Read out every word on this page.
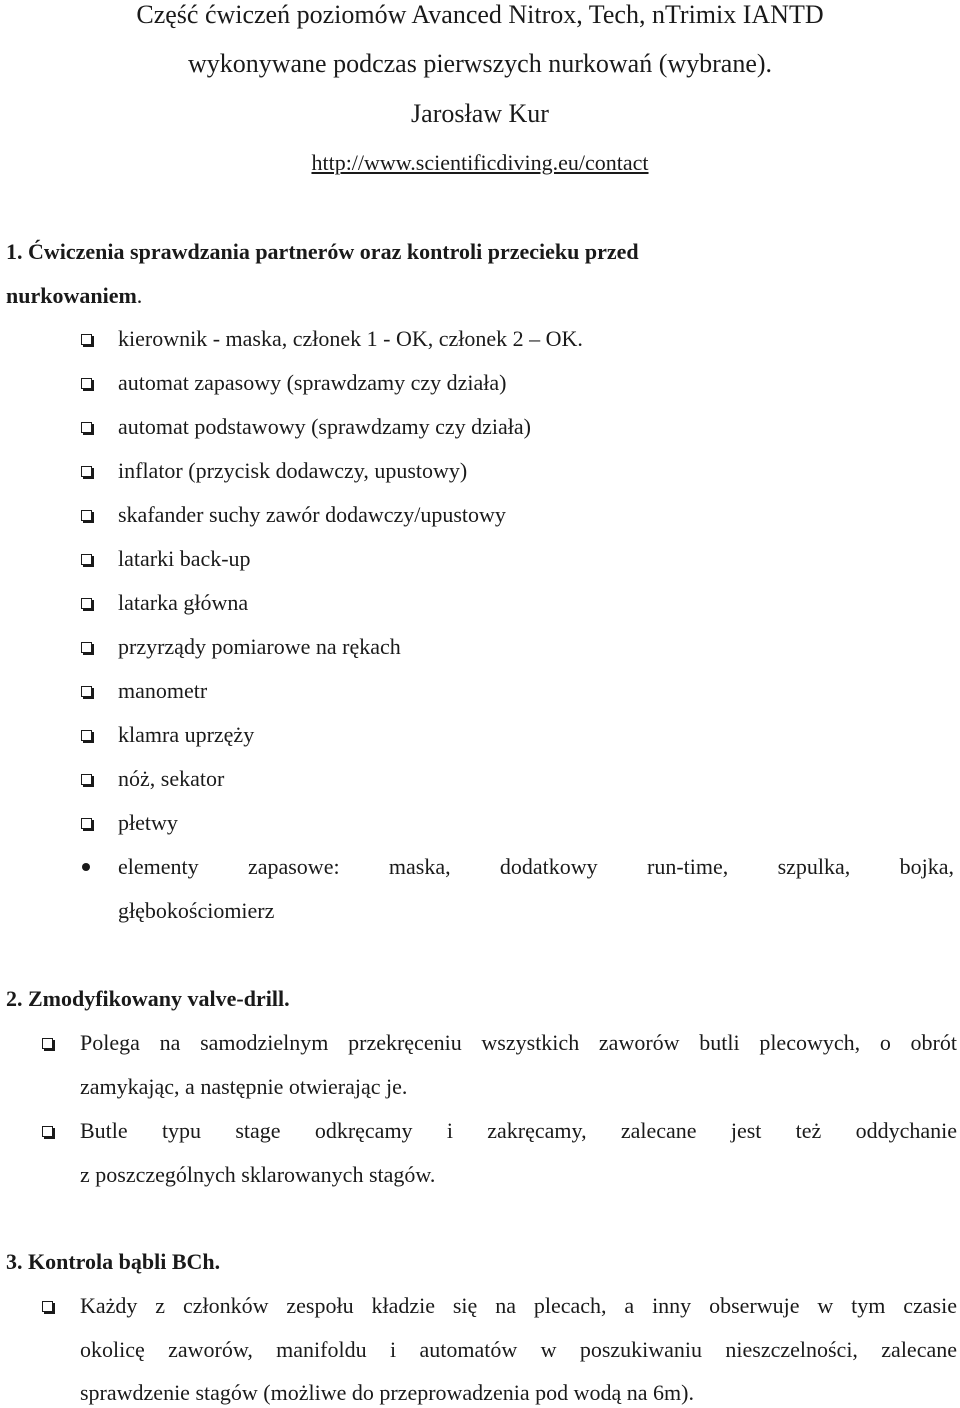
Część ćwiczeń poziomów Avanced Nitrox, Tech, nTrimix IANTD
wykonywane podczas pierwszych nurkowań (wybrane).
Jarosław Kur
http://www.scientificdiving.eu/contact
1. Ćwiczenia sprawdzania partnerów oraz kontroli przecieku przed
nurkowaniem.
kierownik - maska, członek 1 - OK, członek 2 – OK.
automat zapasowy (sprawdzamy czy działa)
automat podstawowy (sprawdzamy czy działa)
inflator (przycisk dodawczy, upustowy)
skafander suchy zawór dodawczy/upustowy
latarki back-up
latarka główna
przyrządy pomiarowe na rękach
manometr
klamra uprzęży
nóż, sekator
płetwy
elementy zapasowe: maska, dodatkowy run-time, szpulka, bojka,
głębokościomierz
2. Zmodyfikowany valve-drill.
Polega na samodzielnym przekręceniu wszystkich zaworów butli plecowych, o obrót
zamykając, a następnie otwierając je.
Butle typu stage odkręcamy i zakręcamy, zalecane jest też oddychanie
z poszczególnych sklarowanych stagów.
3. Kontrola bąbli BCh.
Każdy z członków zespołu kładzie się na plecach, a inny obserwuje w tym czasie
okolicę zaworów, manifoldu i automatów w poszukiwaniu nieszczelności, zalecane
sprawdzenie stagów (możliwe do przeprowadzenia pod wodą na 6m).
